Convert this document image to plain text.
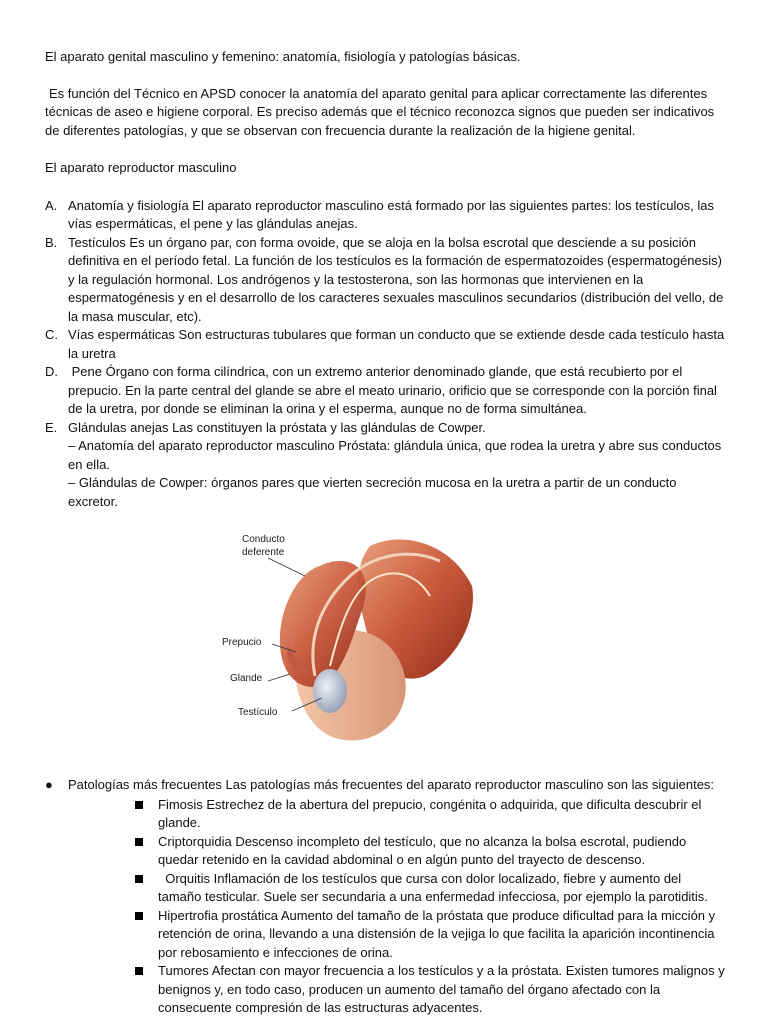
El aparato genital masculino y femenino: anatomía, fisiología y patologías básicas.

Es función del Técnico en APSD conocer la anatomía del aparato genital para aplicar correctamente las diferentes técnicas de aseo e higiene corporal. Es preciso además que el técnico reconozca signos que pueden ser indicativos de diferentes patologías, y que se observan con frecuencia durante la realización de la higiene genital.

El aparato reproductor masculino

A. Anatomía y fisiología El aparato reproductor masculino está formado por las siguientes partes: los testículos, las vías espermáticas, el pene y las glándulas anejas.
B. Testículos Es un órgano par, con forma ovoide, que se aloja en la bolsa escrotal que desciende a su posición definitiva en el período fetal. La función de los testículos es la formación de espermatozoides (espermatogénesis) y la regulación hormonal. Los andrógenos y la testosterona, son las hormonas que intervienen en la espermatogénesis y en el desarrollo de los caracteres sexuales masculinos secundarios (distribución del vello, de la masa muscular, etc).
C. Vías espermáticas Son estructuras tubulares que forman un conducto que se extiende desde cada testículo hasta la uretra
D. Pene Órgano con forma cilíndrica, con un extremo anterior denominado glande, que está recubierto por el prepucio. En la parte central del glande se abre el meato urinario, orificio que se corresponde con la porción final de la uretra, por donde se eliminan la orina y el esperma, aunque no de forma simultánea.
E. Glándulas anejas Las constituyen la próstata y las glándulas de Cowper.
– Anatomía del aparato reproductor masculino Próstata: glándula única, que rodea la uretra y abre sus conductos en ella.
– Glándulas de Cowper: órganos pares que vierten secreción mucosa en la uretra a partir de un conducto excretor.
Conducto
deferente
Prepucio
Glande
Testículo
● Patologías más frecuentes Las patologías más frecuentes del aparato reproductor masculino son las siguientes:
Fimosis Estrechez de la abertura del prepucio, congénita o adquirida, que dificulta descubrir el glande.
Criptorquidia Descenso incompleto del testículo, que no alcanza la bolsa escrotal, pudiendo quedar retenido en la cavidad abdominal o en algún punto del trayecto de descenso.
Orquitis Inflamación de los testículos que cursa con dolor localizado, fiebre y aumento del tamaño testicular. Suele ser secundaria a una enfermedad infecciosa, por ejemplo la parotiditis.
Hipertrofia prostática Aumento del tamaño de la próstata que produce dificultad para la micción y retención de orina, llevando a una distensión de la vejiga lo que facilita la aparición incontinencia por rebosamiento e infecciones de orina.
Tumores Afectan con mayor frecuencia a los testículos y a la próstata. Existen tumores malignos y benignos y, en todo caso, producen un aumento del tamaño del órgano afectado con la consecuente compresión de las estructuras adyacentes.
